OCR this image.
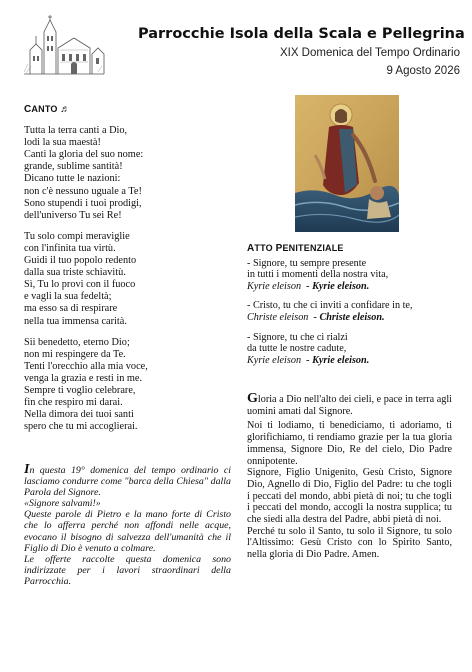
Parrocchie Isola della Scala e Pellegrina
XIX Domenica del Tempo Ordinario
9 Agosto 2026
CANTO ♬
Tutta la terra canti a Dio,
lodi la sua maestà!
Canti la gloria del suo nome:
grande, sublime santità!
Dicano tutte le nazioni:
non c'è nessuno uguale a Te!
Sono stupendi i tuoi prodigi,
dell'universo Tu sei Re!
Tu solo compi meraviglie
con l'infinita tua virtù.
Guidi il tuo popolo redento
dalla sua triste schiavitù.
Sì, Tu lo provi con il fuoco
e vagli la sua fedeltà;
ma esso sa di respirare
nella tua immensa carità.
Sii benedetto, eterno Dio;
non mi respingere da Te.
Tenti l'orecchio alla mia voce,
venga la grazia e resti in me.
Sempre ti voglio celebrare,
fin che respiro mi darai.
Nella dimora dei tuoi santi
spero che tu mi accoglierai.

In questa 19° domenica del tempo ordinario ci lasciamo condurre come "barca della Chiesa" dalla Parola del Signore.

«Signore salvami!»

Queste parole di Pietro e la mano forte di Cristo che lo afferra perché non affondi nelle acque, evocano il bisogno di salvezza dell'umanità che il Figlio di Dio è venuto a colmare.

Le offerte raccolte questa domenica sono indirizzate per i lavori straordinari della Parrocchia.

ATTO PENITENZIALE
- Signore, tu sempre presente
in tutti i momenti della nostra vita,
Kyrie eleison - Kyrie eleison.
- Cristo, tu che ci inviti a confidare in te,
Christe eleison - Christe eleison.
- Signore, tu che ci rialzi
da tutte le nostre cadute,
Kyrie eleison - Kyrie eleison.

Gloria a Dio nell'alto dei cieli, e pace in terra agli uomini amati dal Signore.

Noi ti lodiamo, ti benediciamo, ti adoriamo, ti glorifichiamo, ti rendiamo grazie per la tua gloria immensa, Signore Dio, Re del cielo, Dio Padre onnipotente.

Signore, Figlio Unigenito, Gesù Cristo, Signore Dio, Agnello di Dio, Figlio del Padre: tu che togli i peccati del mondo, abbi pietà di noi; tu che togli i peccati del mondo, accogli la nostra supplica; tu che siedi alla destra del Padre, abbi pietà di noi.

Perché tu solo il Santo, tu solo il Signore, tu solo l'Altissimo: Gesù Cristo con lo Spirito Santo, nella gloria di Dio Padre. Amen.
